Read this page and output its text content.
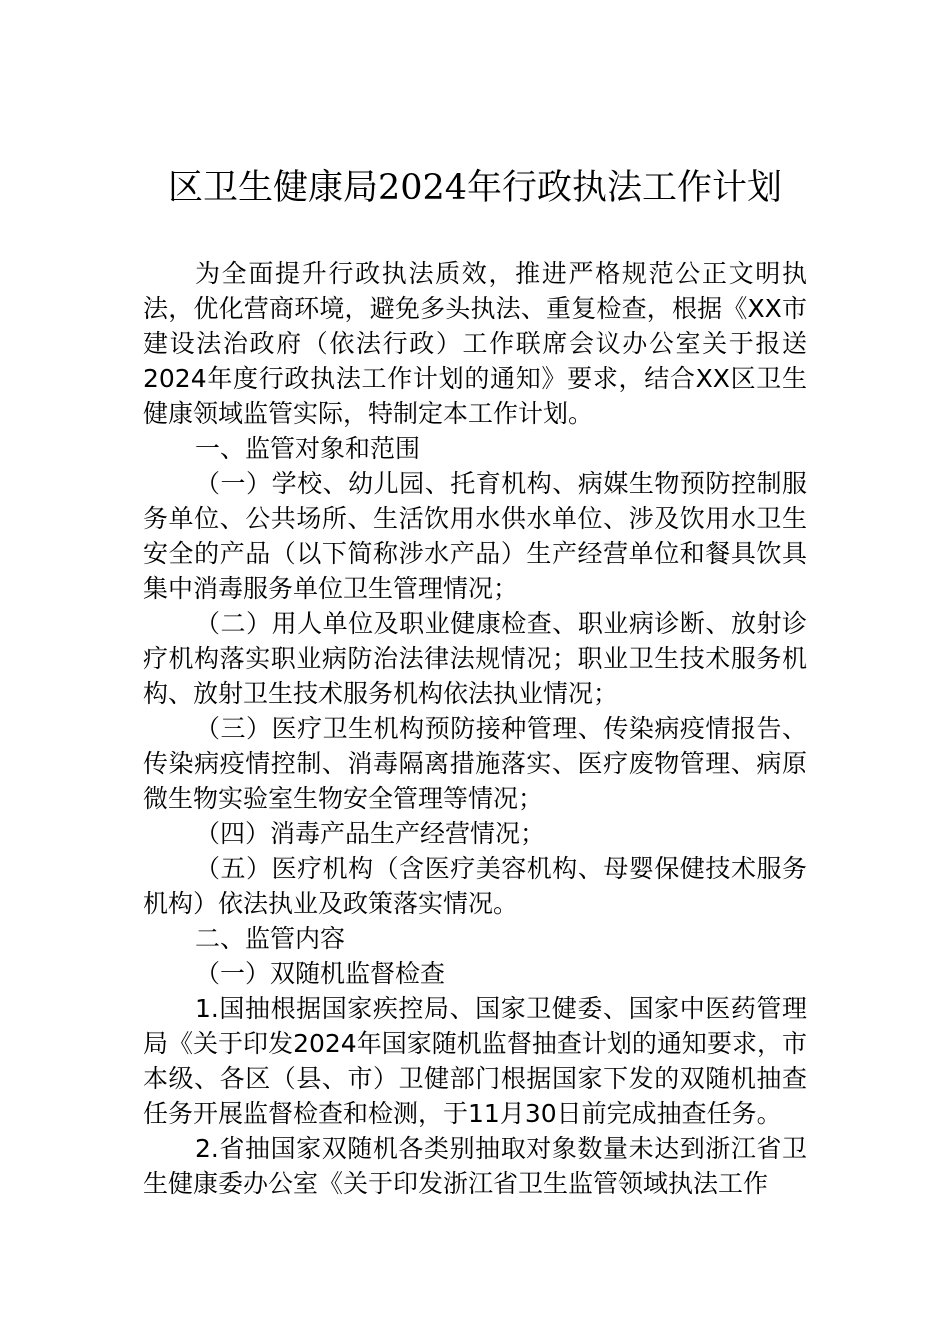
区卫生健康局2024年行政执法工作计划

为全面提升行政执法质效，推进严格规范公正文明执法，优化营商环境，避免多头执法、重复检查，根据《XX市建设法治政府（依法行政）工作联席会议办公室关于报送2024年度行政执法工作计划的通知》要求，结合XX区卫生健康领域监管实际，特制定本工作计划。

一、监管对象和范围

（一）学校、幼儿园、托育机构、病媒生物预防控制服务单位、公共场所、生活饮用水供水单位、涉及饮用水卫生安全的产品（以下简称涉水产品）生产经营单位和餐具饮具集中消毒服务单位卫生管理情况；

（二）用人单位及职业健康检查、职业病诊断、放射诊疗机构落实职业病防治法律法规情况；职业卫生技术服务机构、放射卫生技术服务机构依法执业情况；

（三）医疗卫生机构预防接种管理、传染病疫情报告、传染病疫情控制、消毒隔离措施落实、医疗废物管理、病原微生物实验室生物安全管理等情况；

（四）消毒产品生产经营情况；

（五）医疗机构（含医疗美容机构、母婴保健技术服务机构）依法执业及政策落实情况。

二、监管内容

（一）双随机监督检查

1.国抽根据国家疾控局、国家卫健委、国家中医药管理局《关于印发2024年国家随机监督抽查计划的通知要求，市本级、各区（县、市）卫健部门根据国家下发的双随机抽查任务开展监督检查和检测，于11月30日前完成抽查任务。

2.省抽国家双随机各类别抽取对象数量未达到浙江省卫生健康委办公室《关于印发浙江省卫生监管领域执法工作
